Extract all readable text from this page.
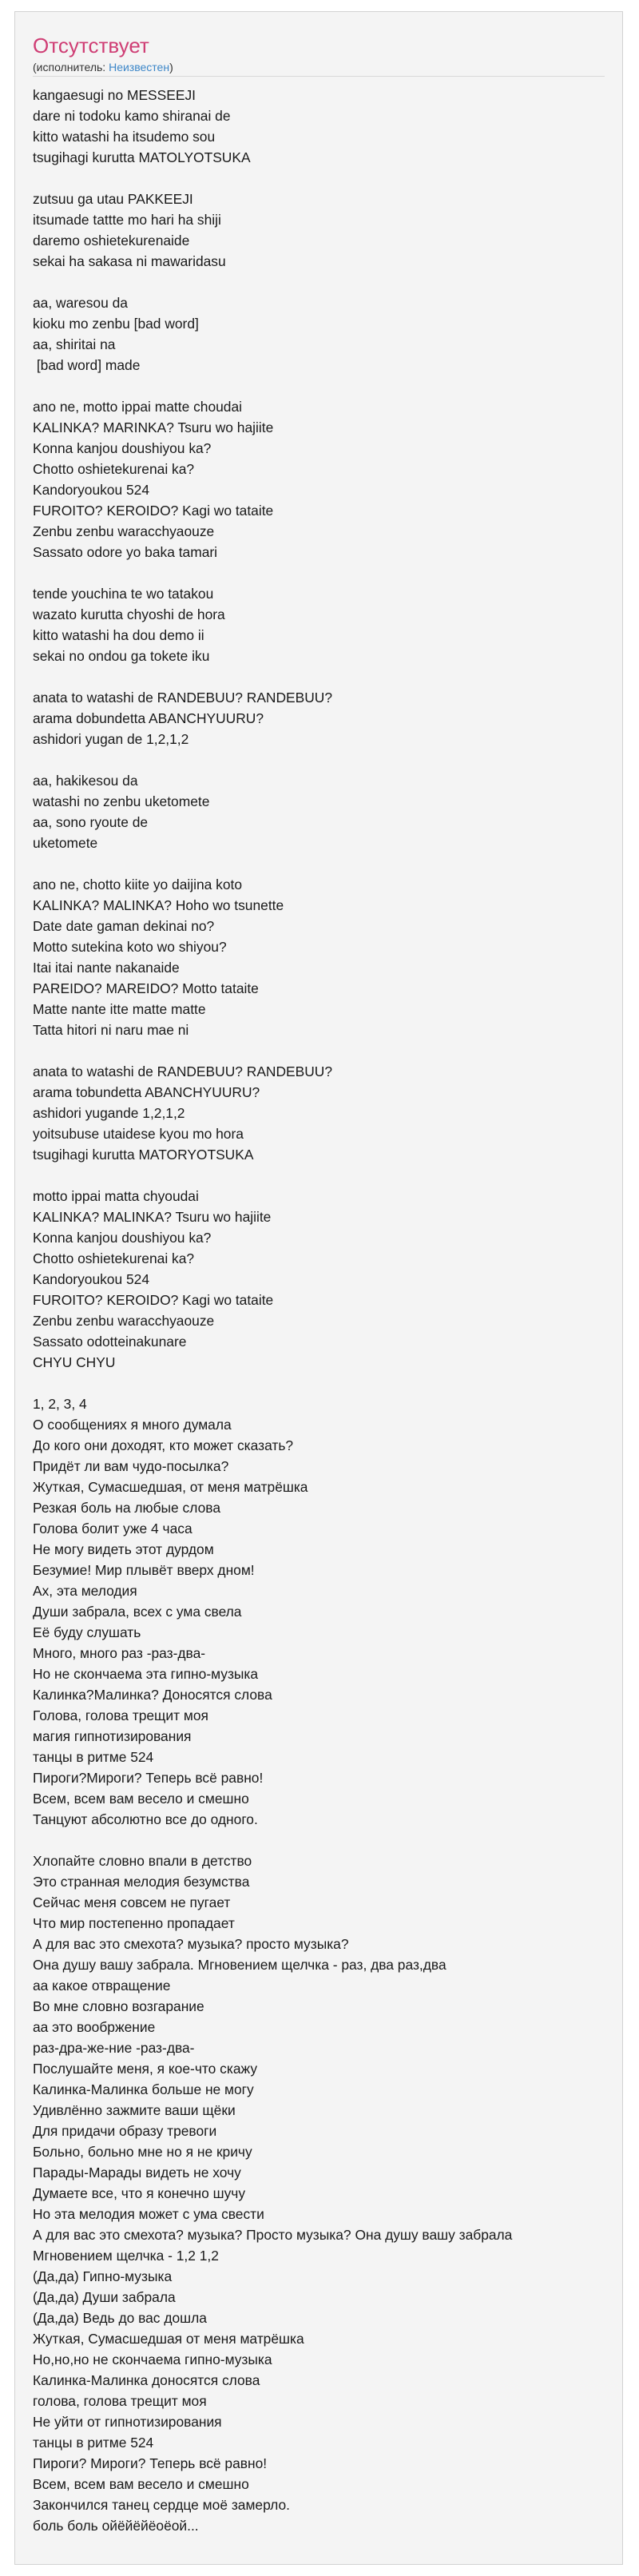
Отсутствует
(исполнитель: Неизвестен)
kangaesugi no MESSEEJI
dare ni todoku kamo shiranai de
kitto watashi ha itsudemo sou
tsugihagi kurutta MATOLYOTSUKA
zutsuu ga utau PAKKEEJI
itsumade tattte mo hari ha shiji
daremo oshietekurenaide
sekai ha sakasa ni mawaridasu
aa, waresou da
kioku mo zenbu [bad word]
aa, shiritai na
[bad word] made
ano ne, motto ippai matte choudai
KALINKA? MARINKA? Tsuru wo hajiite
Konna kanjou doushiyou ka?
Chotto oshietekurenai ka?
Kandoryoukou 524
FUROITO? KEROIDO? Kagi wo tataite
Zenbu zenbu waracchyaouze
Sassato odore yo baka tamari
tende youchina te wo tatakou
wazato kurutta chyoshi de hora
kitto watashi ha dou demo ii
sekai no ondou ga tokete iku
anata to watashi de RANDEBUU? RANDEBUU?
arama dobundetta ABANCHYUURU?
ashidori yugan de 1,2,1,2
aa, hakikesou da
watashi no zenbu uketomete
aa, sono ryoute de
uketomete
ano ne, chotto kiite yo daijina koto
KALINKA? MALINKA? Hoho wo tsunette
Date date gaman dekinai no?
Motto sutekina koto wo shiyou?
Itai itai nante nakanaide
PAREIDO? MAREIDO? Motto tataite
Matte nante itte matte matte
Tatta hitori ni naru mae ni
anata to watashi de RANDEBUU? RANDEBUU?
arama tobundetta ABANCHYUURU?
ashidori yugande 1,2,1,2
yoitsubuse utaidese kyou mo hora
tsugihagi kurutta MATORYOTSUKA
motto ippai matta chyoudai
KALINKA? MALINKA? Tsuru wo hajiite
Konna kanjou doushiyou ka?
Chotto oshietekurenai ka?
Kandoryoukou 524
FUROITO? KEROIDO? Kagi wo tataite
Zenbu zenbu waracchyaouze
Sassato odotteinakunare
CHYU CHYU
1, 2, 3, 4
О сообщениях я много думала
До кого они доходят, кто может сказать?
Придёт ли вам чудо-посылка?
Жуткая, Сумасшедшая, от меня матрёшка
Резкая боль на любые слова
Голова болит уже 4 часа
Не могу видеть этот дурдом
Безумие! Мир плывёт вверх дном!
Ах, эта мелодия
Души забрала, всех с ума свела
Её буду слушать
Много, много раз -раз-два-
Но не скончаема эта гипно-музыка
Калинка?Малинка? Доносятся слова
Голова, голова трещит моя
магия гипнотизирования
танцы в ритме 524
Пироги?Мироги? Теперь всё равно!
Всем, всем вам весело и смешно
Танцуют абсолютно все до одного.
Хлопайте словно впали в детство
Это странная мелодия безумства
Сейчас меня совсем не пугает
Что мир постепенно пропадает
А для вас это смехота? музыка? просто музыка?
Она душу вашу забрала. Мгновением щелчка - раз, два раз,два
аа какое отвращение
Во мне словно возгарание
аа это вообржение
раз-дра-же-ние -раз-два-
Послушайте меня, я кое-что скажу
Калинка-Малинка больше не могу
Удивлённо зажмите ваши щёки
Для придачи образу тревоги
Больно, больно мне но я не кричу
Парады-Марады видеть не хочу
Думаете все, что я конечно шучу
Но эта мелодия может с ума свести
А для вас это смехота? музыка? Просто музыка? Она душу вашу забрала
Мгновением щелчка - 1,2 1,2
(Да,да) Гипно-музыка
(Да,да) Души забрала
(Да,да) Ведь до вас дошла
Жуткая, Сумасшедшая от меня матрёшка
Но,но,но не скончаема гипно-музыка
Калинка-Малинка доносятся слова
голова, голова трещит моя
Не уйти от гипнотизирования
танцы в ритме 524
Пироги? Мироги? Теперь всё равно!
Всем, всем вам весело и смешно
Закончился танец сердце моё замерло.
боль боль ойёйёйёоёой...
